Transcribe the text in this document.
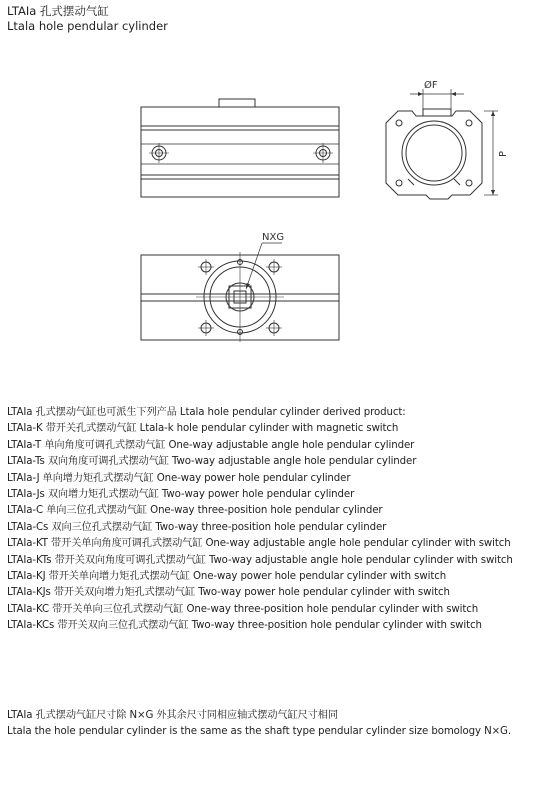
LTAIa 孔式摆动气缸
Ltala hole pendular cylinder
ØF
P
NXG
LTAIa 孔式摆动气缸也可派生下列产品 Ltala hole pendular cylinder derived product:
LTAIa-K 带开关孔式摆动气缸 Ltala-k hole pendular cylinder with magnetic switch
LTAIa-T 单向角度可调孔式摆动气缸 One-way adjustable angle hole pendular cylinder
LTAIa-Ts 双向角度可调孔式摆动气缸 Two-way adjustable angle hole pendular cylinder
LTAIa-J 单向增力矩孔式摆动气缸 One-way power hole pendular cylinder
LTAIa-Js 双向增力矩孔式摆动气缸 Two-way power hole pendular cylinder
LTAIa-C 单向三位孔式摆动气缸 One-way three-position hole pendular cylinder
LTAIa-Cs 双向三位孔式摆动气缸 Two-way three-position hole pendular cylinder
LTAIa-KT 带开关单向角度可调孔式摆动气缸 One-way adjustable angle hole pendular cylinder with switch
LTAIa-KTs 带开关双向角度可调孔式摆动气缸 Two-way adjustable angle hole pendular cylinder with switch
LTAIa-KJ 带开关单向增力矩孔式摆动气缸 One-way power hole pendular cylinder with switch
LTAIa-KJs 带开关双向增力矩孔式摆动气缸 Two-way power hole pendular cylinder with switch
LTAIa-KC 带开关单向三位孔式摆动气缸 One-way three-position hole pendular cylinder with switch
LTAIa-KCs 带开关双向三位孔式摆动气缸 Two-way three-position hole pendular cylinder with switch
LTAIa 孔式摆动气缸尺寸除 N×G 外其余尺寸同相应轴式摆动气缸尺寸相同
Ltala the hole pendular cylinder is the same as the shaft type pendular cylinder size bomology N×G.
